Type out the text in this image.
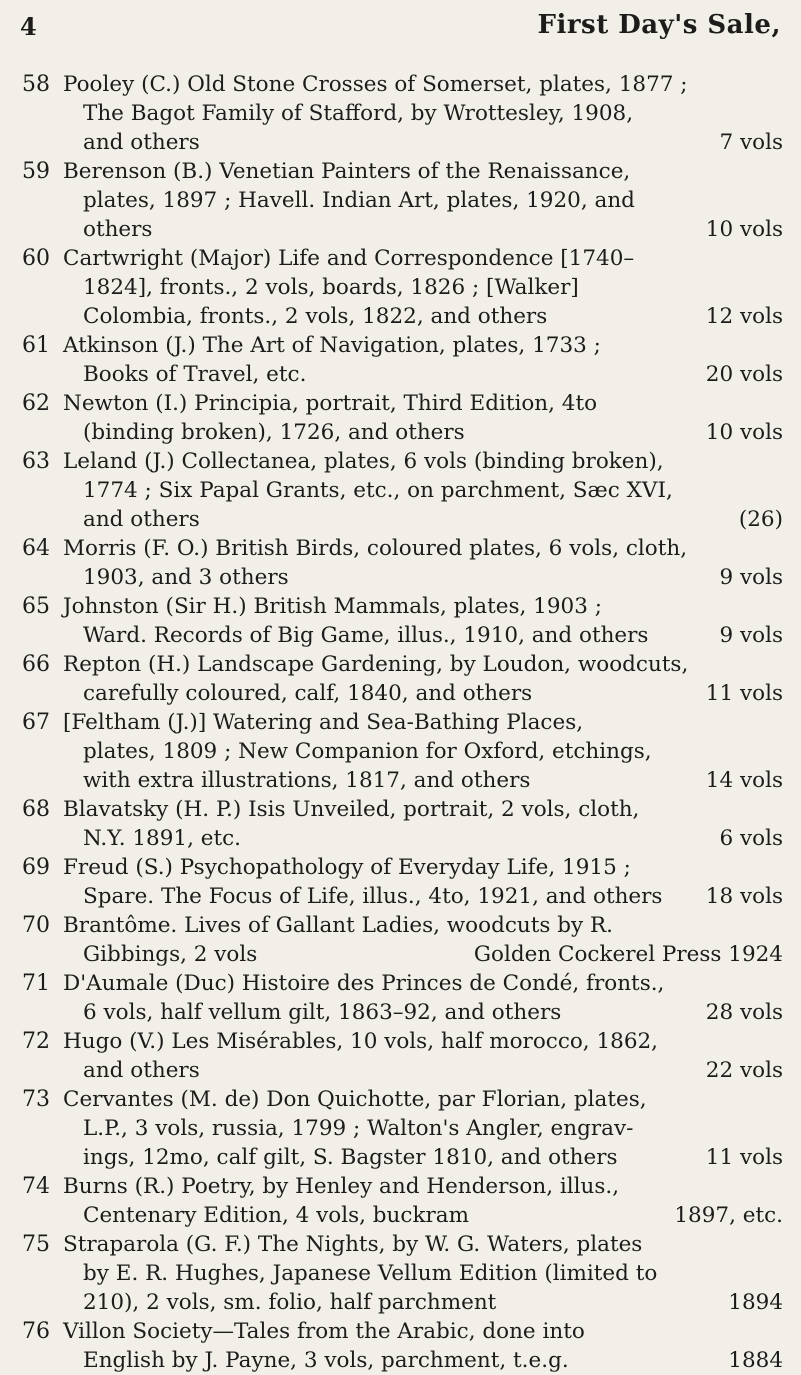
4	First Day's Sale,
58 Pooley (C.) Old Stone Crosses of Somerset, plates, 1877 ;

The Bagot Family of Stafford, by Wrottesley, 1908,

and others	7 vols
59 Berenson (B.) Venetian Painters of the Renaissance,

plates, 1897 ; Havell. Indian Art, plates, 1920, and

others	10 vols
60 Cartwright (Major) Life and Correspondence [1740–

1824], fronts., 2 vols, boards, 1826 ; [Walker]

Colombia, fronts., 2 vols, 1822, and others	12 vols
61 Atkinson (J.) The Art of Navigation, plates, 1733 ;

Books of Travel, etc.	20 vols
62 Newton (I.) Principia, portrait, Third Edition, 4to

(binding broken), 1726, and others	10 vols
63 Leland (J.) Collectanea, plates, 6 vols (binding broken),

1774 ; Six Papal Grants, etc., on parchment, Sæc XVI,

and others	(26)
64 Morris (F. O.) British Birds, coloured plates, 6 vols, cloth,

1903, and 3 others	9 vols
65 Johnston (Sir H.) British Mammals, plates, 1903 ;

Ward. Records of Big Game, illus., 1910, and others	9 vols
66 Repton (H.) Landscape Gardening, by Loudon, woodcuts,

carefully coloured, calf, 1840, and others	11 vols
67 [Feltham (J.)] Watering and Sea-Bathing Places,

plates, 1809 ; New Companion for Oxford, etchings,

with extra illustrations, 1817, and others	14 vols
68 Blavatsky (H. P.) Isis Unveiled, portrait, 2 vols, cloth,

N.Y. 1891, etc.	6 vols
69 Freud (S.) Psychopathology of Everyday Life, 1915 ;

Spare. The Focus of Life, illus., 4to, 1921, and others 18 vols
70 Brantôme. Lives of Gallant Ladies, woodcuts by R.

Gibbings, 2 vols	Golden Cockerel Press 1924
71 D'Aumale (Duc) Histoire des Princes de Condé, fronts.,

6 vols, half vellum gilt, 1863–92, and others	28 vols
72 Hugo (V.) Les Misérables, 10 vols, half morocco, 1862,

and others	22 vols
73 Cervantes (M. de) Don Quichotte, par Florian, plates,

L.P., 3 vols, russia, 1799 ; Walton's Angler, engrav-

ings, 12mo, calf gilt, S. Bagster 1810, and others	11 vols
74 Burns (R.) Poetry, by Henley and Henderson, illus.,

Centenary Edition, 4 vols, buckram	1897, etc.
75 Straparola (G. F.) The Nights, by W. G. Waters, plates

by E. R. Hughes, Japanese Vellum Edition (limited to

210), 2 vols, sm. folio, half parchment	1894
76 Villon Society—Tales from the Arabic, done into

English by J. Payne, 3 vols, parchment, t.e.g.	1884
